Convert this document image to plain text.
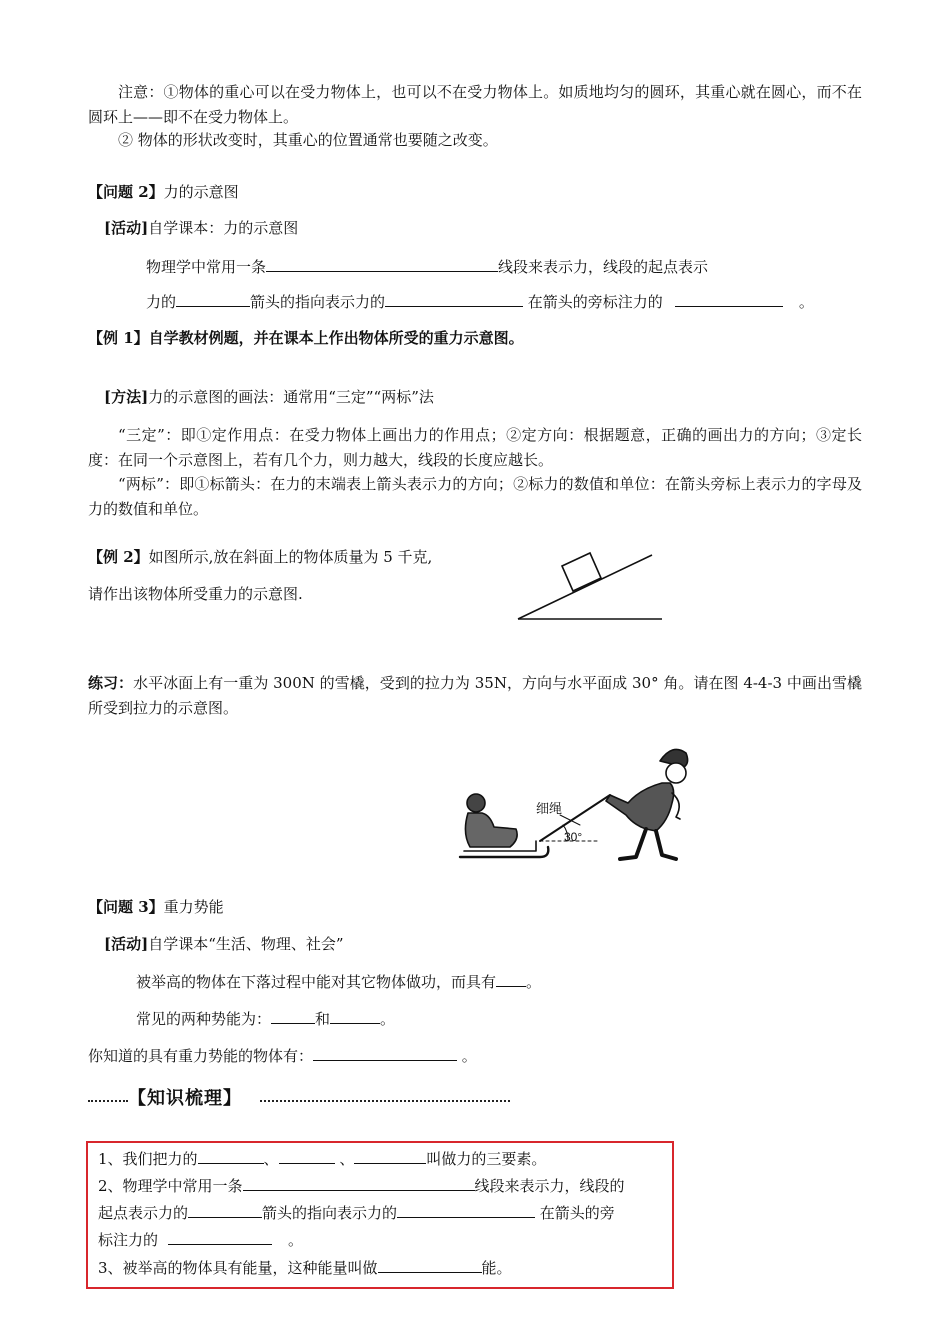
注意：①物体的重心可以在受力物体上，也可以不在受力物体上。如质地均匀的圆环，其重心就在圆心，而不在圆环上——即不在受力物体上。
② 物体的形状改变时，其重心的位置通常也要随之改变。
【问题 2】力的示意图
[活动]自学课本：力的示意图
物理学中常用一条	线段来表示力，线段的起点表示
力的	箭头的指向表示力的	在箭头的旁标注力的	。
【例 1】自学教材例题，并在课本上作出物体所受的重力示意图。
[方法]力的示意图的画法：通常用“三定”“两标”法
“三定”：即①定作用点：在受力物体上画出力的作用点；②定方向：根据题意，正确的画出力的方向；③定长度：在同一个示意图上，若有几个力，则力越大，线段的长度应越长。
“两标”：即①标箭头：在力的末端表上箭头表示力的方向；②标力的数值和单位：在箭头旁标上表示力的字母及力的数值和单位。
【例 2】如图所示,放在斜面上的物体质量为 5 千克,
请作出该物体所受重力的示意图.
练习：水平冰面上有一重为 300N 的雪橇，受到的拉力为 35N，方向与水平面成 30° 角。请在图 4-4-3 中画出雪橇所受到拉力的示意图。
细绳
30°
【问题 3】重力势能
[活动]自学课本“生活、物理、社会”
被举高的物体在下落过程中能对其它物体做功，而具有 。
常见的两种势能为：	和	。
你知道的具有重力势能的物体有：	。
【知识梳理】
1、我们把力的	、	、	叫做力的三要素。
2、物理学中常用一条	线段来表示力，线段的
起点表示力的	箭头的指向表示力的	在箭头的旁
标注力的	。
3、被举高的物体具有能量，这种能量叫做	能。
